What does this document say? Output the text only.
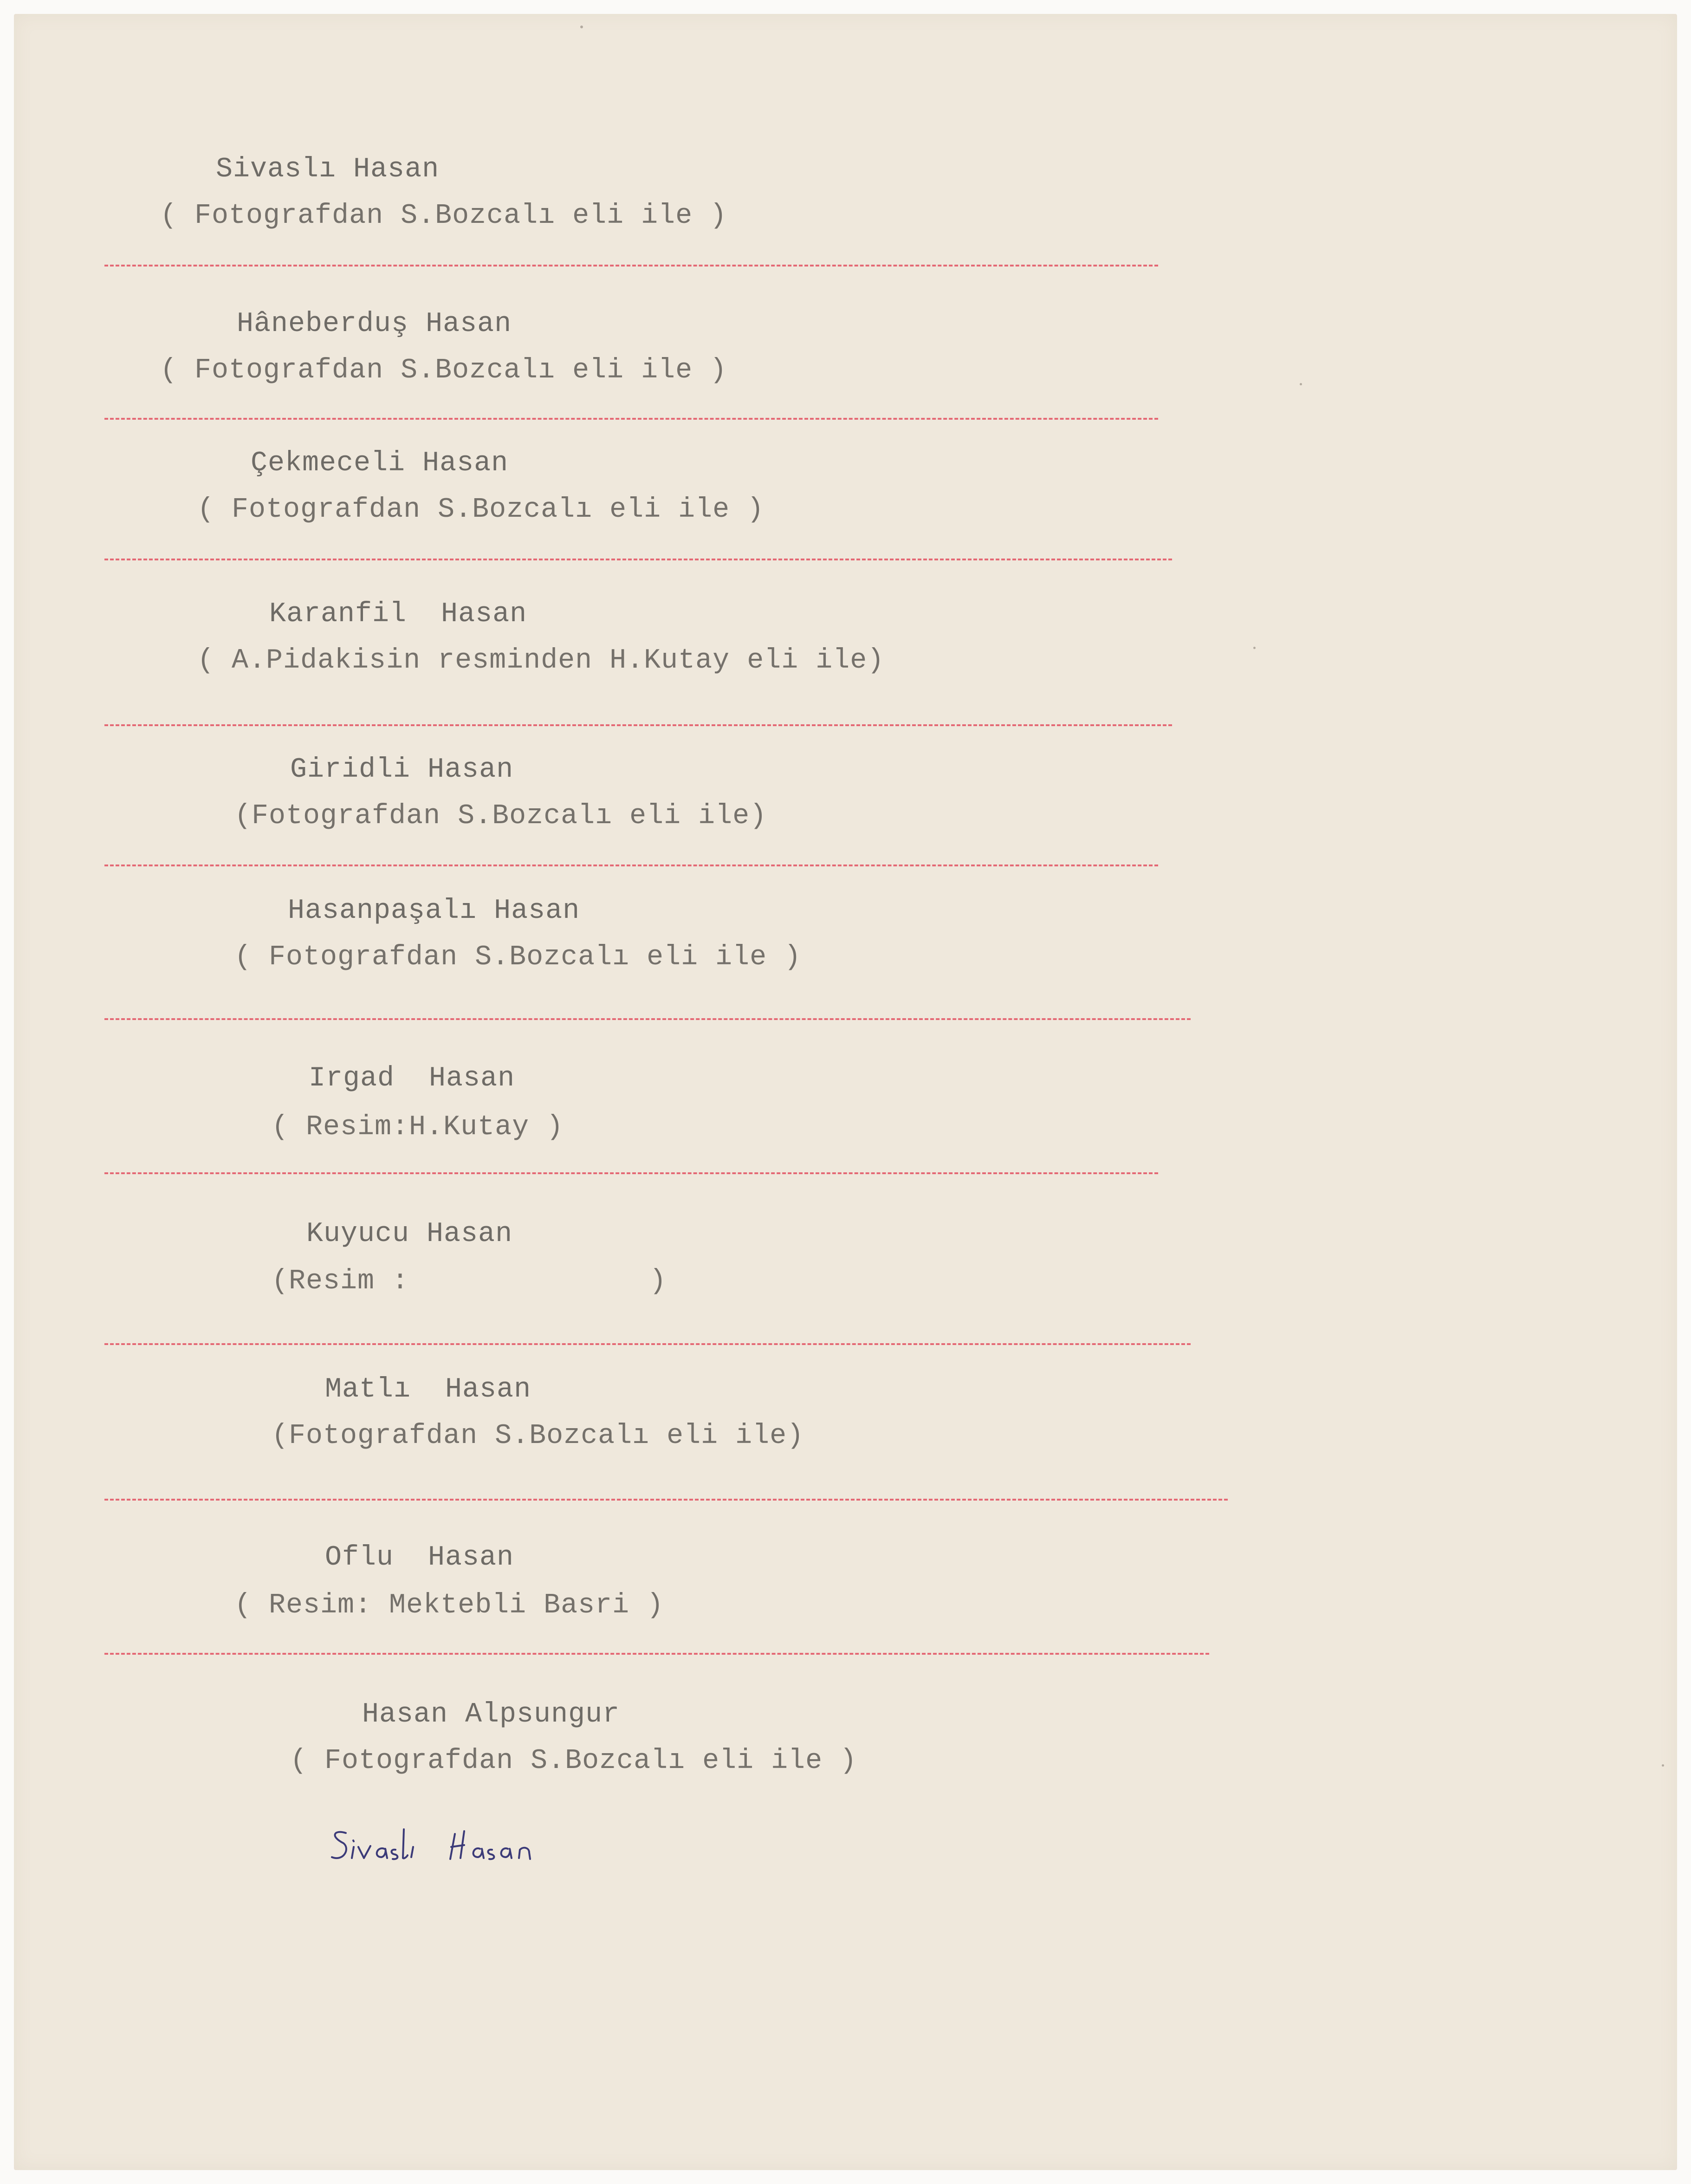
Sivaslı Hasan
( Fotografdan S.Bozcalı eli ile )
Hâneberduş Hasan
( Fotografdan S.Bozcalı eli ile )
Çekmeceli Hasan
( Fotografdan S.Bozcalı eli ile )
Karanfil  Hasan
( A.Pidakisin resminden H.Kutay eli ile)
Giridli Hasan
(Fotografdan S.Bozcalı eli ile)
Hasanpaşalı Hasan
( Fotografdan S.Bozcalı eli ile )
Irgad  Hasan
( Resim:H.Kutay )
Kuyucu Hasan
(Resim :              )
Matlı  Hasan
(Fotografdan S.Bozcalı eli ile)
Oflu  Hasan
( Resim: Mektebli Basri )
Hasan Alpsungur
( Fotografdan S.Bozcalı eli ile )
